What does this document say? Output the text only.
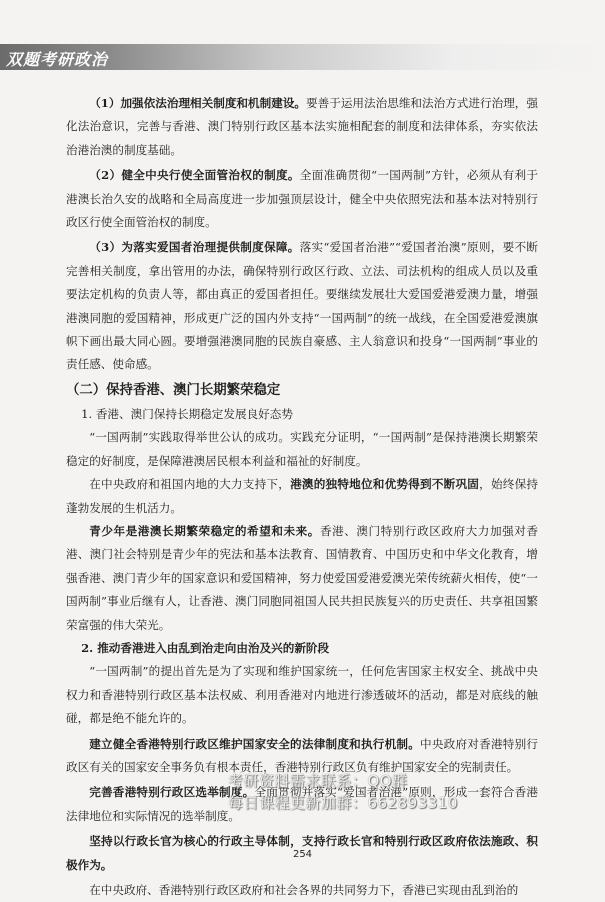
双题考研政治

（1）加强依法治理相关制度和机制建设。要善于运用法治思维和法治方式进行治理，强化法治意识，完善与香港、澳门特别行政区基本法实施相配套的制度和法律体系，夯实依法治港治澳的制度基础。

（2）健全中央行使全面管治权的制度。全面准确贯彻“一国两制”方针，必须从有利于港澳长治久安的战略和全局高度进一步加强顶层设计，健全中央依照宪法和基本法对特别行政区行使全面管治权的制度。

（3）为落实爱国者治理提供制度保障。落实“爱国者治港”“爱国者治澳”原则，要不断完善相关制度，拿出管用的办法，确保特别行政区行政、立法、司法机构的组成人员以及重要法定机构的负责人等，都由真正的爱国者担任。要继续发展壮大爱国爱港爱澳力量，增强港澳同胞的爱国精神，形成更广泛的国内外支持“一国两制”的统一战线，在全国爱港爱澳旗帜下画出最大同心圆。要增强港澳同胞的民族自豪感、主人翁意识和投身“一国两制”事业的责任感、使命感。

（二）保持香港、澳门长期繁荣稳定
1. 香港、澳门保持长期稳定发展良好态势

“一国两制”实践取得举世公认的成功。实践充分证明，“一国两制”是保持港澳长期繁荣稳定的好制度，是保障港澳居民根本利益和福祉的好制度。

在中央政府和祖国内地的大力支持下，港澳的独特地位和优势得到不断巩固，始终保持蓬勃发展的生机活力。

青少年是港澳长期繁荣稳定的希望和未来。香港、澳门特别行政区政府大力加强对香港、澳门社会特别是青少年的宪法和基本法教育、国情教育、中国历史和中华文化教育，增强香港、澳门青少年的国家意识和爱国精神，努力使爱国爱港爱澳光荣传统薪火相传，使“一国两制”事业后继有人，让香港、澳门同胞同祖国人民共担民族复兴的历史责任、共享祖国繁荣富强的伟大荣光。

2. 推动香港进入由乱到治走向由治及兴的新阶段

“一国两制”的提出首先是为了实现和维护国家统一，任何危害国家主权安全、挑战中央权力和香港特别行政区基本法权威、利用香港对内地进行渗透破坏的活动，都是对底线的触碰，都是绝不能允许的。

建立健全香港特别行政区维护国家安全的法律制度和执行机制。中央政府对香港特别行政区有关的国家安全事务负有根本责任，香港特别行政区负有维护国家安全的宪制责任。

完善香港特别行政区选举制度。全面贯彻并落实“爱国者治港”原则，形成一套符合香港法律地位和实际情况的选举制度。

坚持以行政长官为核心的行政主导体制，支持行政长官和特别行政区政府依法施政、积极作为。

在中央政府、香港特别行政区政府和社会各界的共同努力下，香港已实现由乱到治的

考研资料需求联系：QQ群
每日课程更新加群：662893310
254
